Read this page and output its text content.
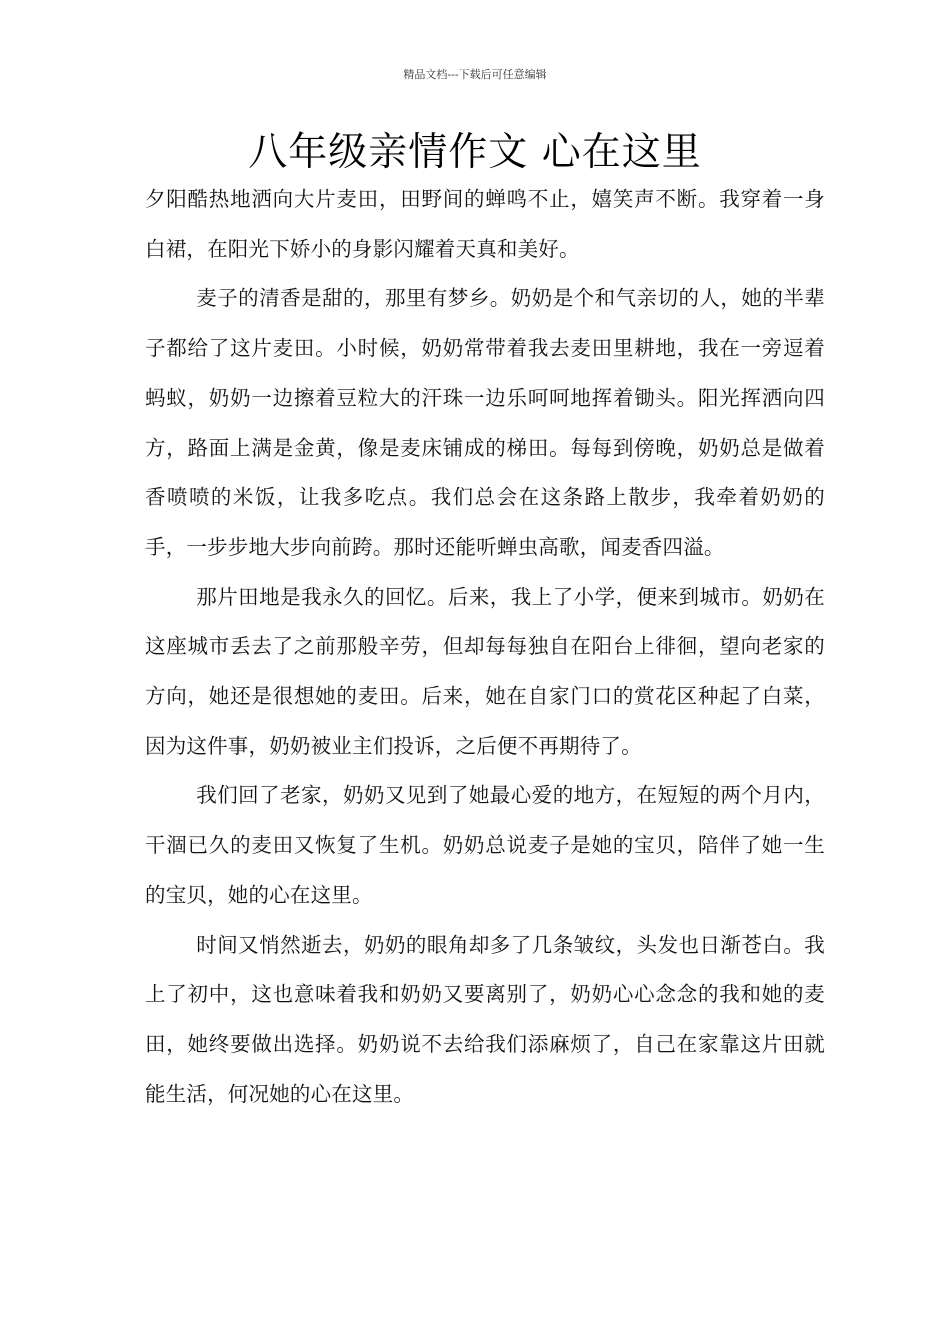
精品文档---下载后可任意编辑
八年级亲情作文 心在这里

夕阳酷热地洒向大片麦田，田野间的蝉鸣不止，嬉笑声不断。我穿着一身白裙，在阳光下娇小的身影闪耀着天真和美好。

麦子的清香是甜的，那里有梦乡。奶奶是个和气亲切的人，她的半辈子都给了这片麦田。小时候，奶奶常带着我去麦田里耕地，我在一旁逗着蚂蚁，奶奶一边擦着豆粒大的汗珠一边乐呵呵地挥着锄头。阳光挥洒向四方，路面上满是金黄，像是麦床铺成的梯田。每每到傍晚，奶奶总是做着香喷喷的米饭，让我多吃点。我们总会在这条路上散步，我牵着奶奶的手，一步步地大步向前跨。那时还能听蝉虫高歌，闻麦香四溢。

那片田地是我永久的回忆。后来，我上了小学，便来到城市。奶奶在这座城市丢去了之前那般辛劳，但却每每独自在阳台上徘徊，望向老家的方向，她还是很想她的麦田。后来，她在自家门口的赏花区种起了白菜，因为这件事，奶奶被业主们投诉，之后便不再期待了。

我们回了老家，奶奶又见到了她最心爱的地方，在短短的两个月内，干涸已久的麦田又恢复了生机。奶奶总说麦子是她的宝贝，陪伴了她一生的宝贝，她的心在这里。

时间又悄然逝去，奶奶的眼角却多了几条皱纹，头发也日渐苍白。我上了初中，这也意味着我和奶奶又要离别了，奶奶心心念念的我和她的麦田，她终要做出选择。奶奶说不去给我们添麻烦了，自己在家靠这片田就能生活，何况她的心在这里。
